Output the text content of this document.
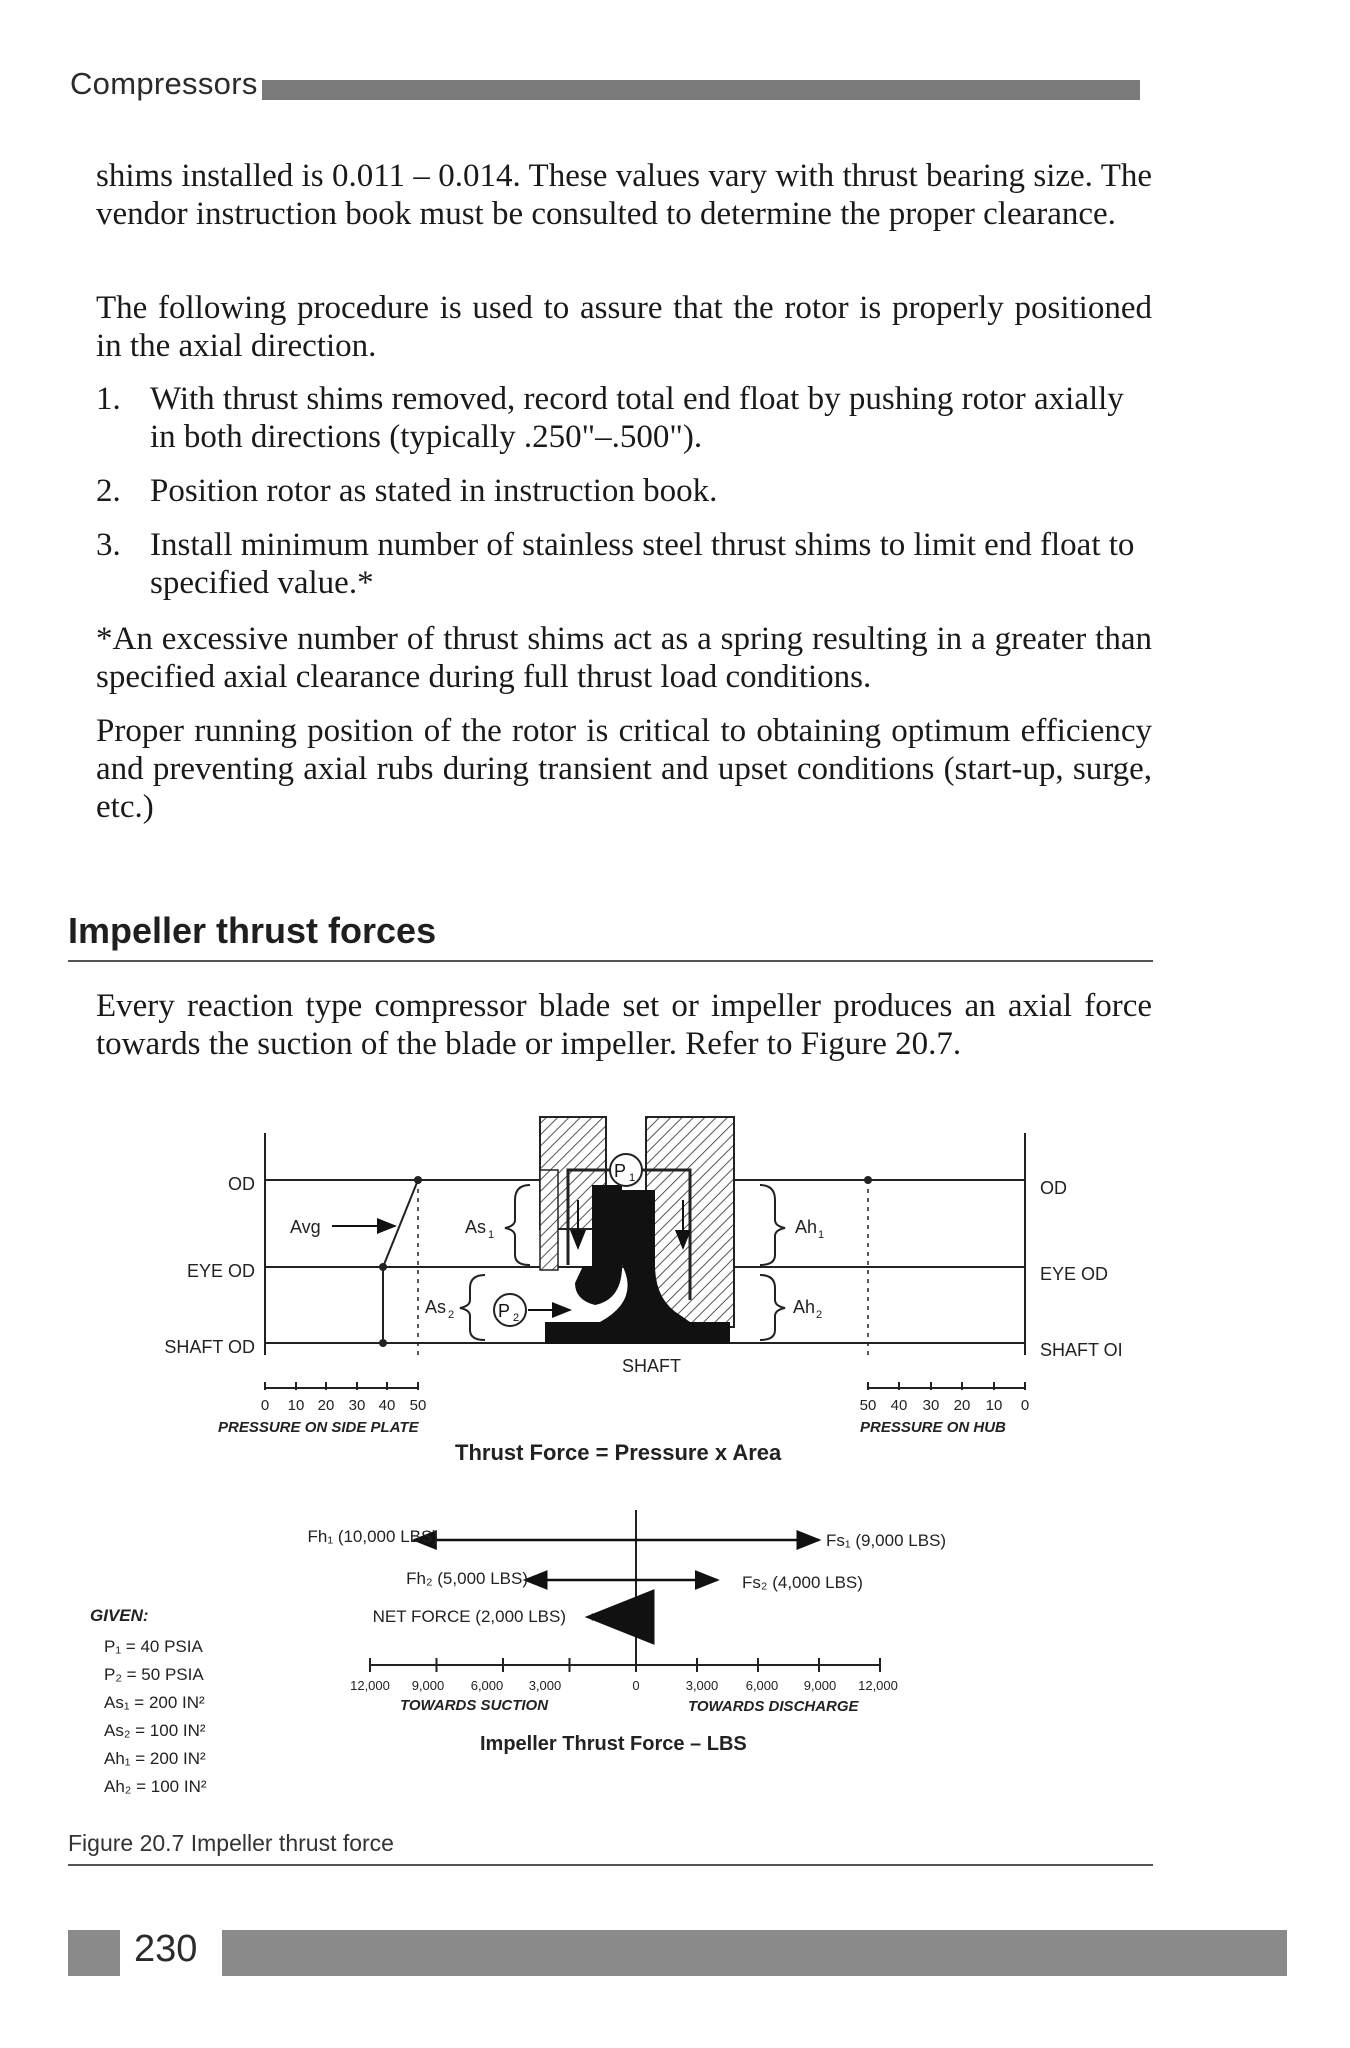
Compressors

shims installed is 0.011 – 0.014. These values vary with thrust bearing size. The vendor instruction book must be consulted to determine the proper clearance.

The following procedure is used to assure that the rotor is properly positioned in the axial direction.

1. With thrust shims removed, record total end float by pushing rotor axially in both directions (typically .250"–.500").
2. Position rotor as stated in instruction book.
3. Install minimum number of stainless steel thrust shims to limit end float to specified value.*

*An excessive number of thrust shims act as a spring resulting in a greater than specified axial clearance during full thrust load conditions.

Proper running position of the rotor is critical to obtaining optimum efficiency and preventing axial rubs during transient and upset conditions (start-up, surge, etc.)

Impeller thrust forces

Every reaction type compressor blade set or impeller produces an axial force towards the suction of the blade or impeller. Refer to Figure 20.7.

OD
EYE OD
SHAFT OD
OD
EYE OD
SHAFT OI
P 1
P 2
As 1
As 2
Ah 1
Ah 2
Avg
SHAFT
0 10 20 30 40 50
PRESSURE ON SIDE PLATE
50 40 30 20 10 0
PRESSURE ON HUB
Thrust Force = Pressure x Area
GIVEN:
P₁ = 40 PSIA
P₂ = 50 PSIA
As₁ = 200 IN²
As₂ = 100 IN²
Ah₁ = 200 IN²
Ah₂ = 100 IN²
Fh₁ (10,000 LBS)	Fs₁ (9,000 LBS)
Fh₂ (5,000 LBS)	Fs₂ (4,000 LBS)
NET FORCE (2,000 LBS)
12,000 9,000 6,000 3,000	0	3,000 6,000 9,000 12,000
TOWARDS SUCTION	TOWARDS DISCHARGE
Impeller Thrust Force – LBS
Figure 20.7 Impeller thrust force
230
